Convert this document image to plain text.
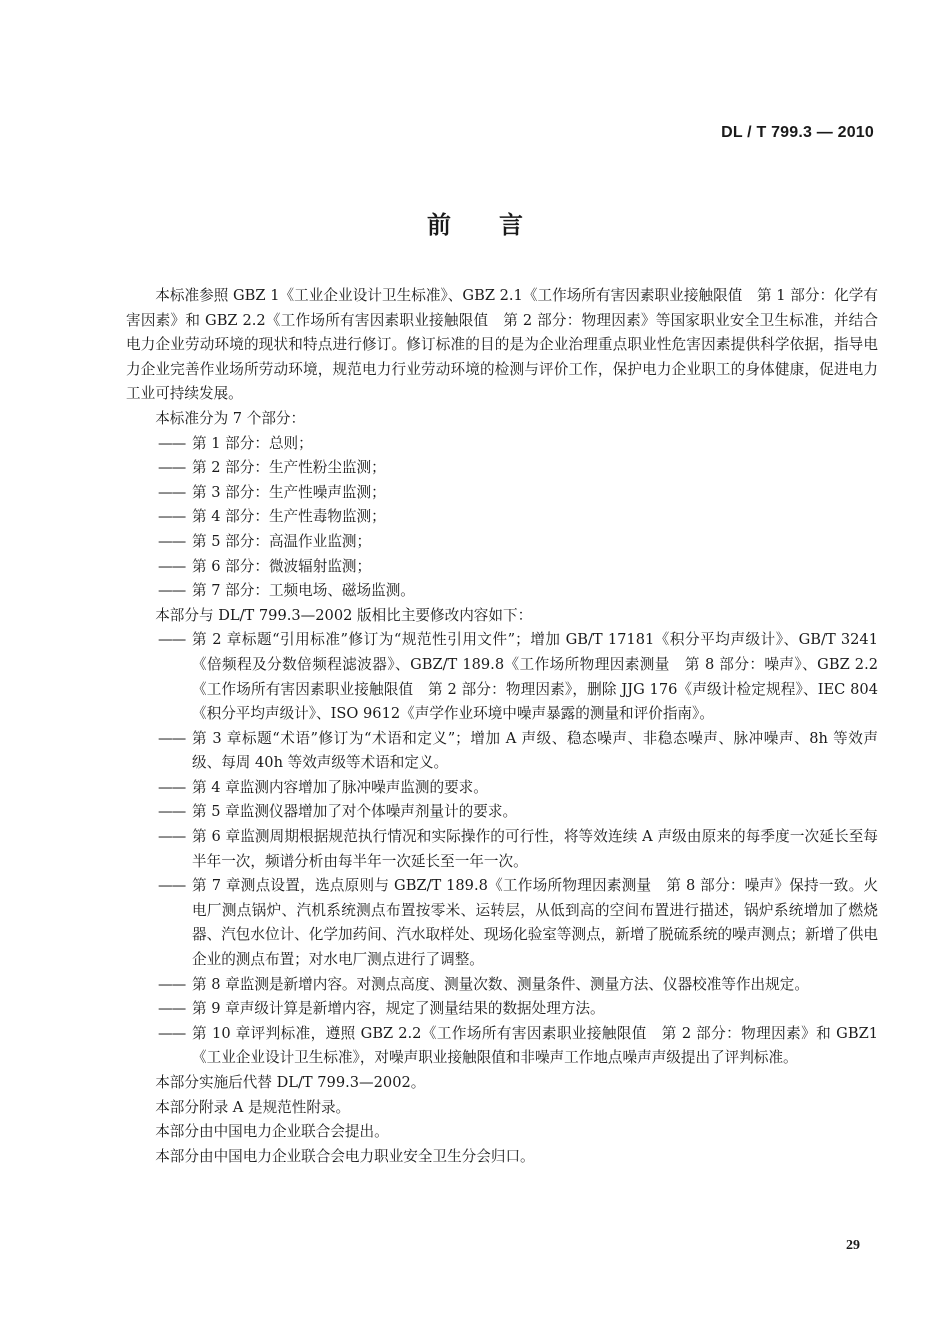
DL / T 799.3 — 2010
前言

本标准参照 GBZ 1《工业企业设计卫生标准》、GBZ 2.1《工作场所有害因素职业接触限值　第 1 部分：化学有害因素》和 GBZ 2.2《工作场所有害因素职业接触限值　第 2 部分：物理因素》等国家职业安全卫生标准，并结合电力企业劳动环境的现状和特点进行修订。修订标准的目的是为企业治理重点职业性危害因素提供科学依据，指导电力企业完善作业场所劳动环境，规范电力行业劳动环境的检测与评价工作，保护电力企业职工的身体健康，促进电力工业可持续发展。

本标准分为 7 个部分：

—— 第 1 部分：总则；

—— 第 2 部分：生产性粉尘监测；

—— 第 3 部分：生产性噪声监测；

—— 第 4 部分：生产性毒物监测；

—— 第 5 部分：高温作业监测；

—— 第 6 部分：微波辐射监测；

—— 第 7 部分：工频电场、磁场监测。

本部分与 DL/T 799.3—2002 版相比主要修改内容如下：

—— 第 2 章标题“引用标准”修订为“规范性引用文件”；增加 GB/T 17181《积分平均声级计》、GB/T 3241《倍频程及分数倍频程滤波器》、GBZ/T 189.8《工作场所物理因素测量　第 8 部分：噪声》、GBZ 2.2《工作场所有害因素职业接触限值　第 2 部分：物理因素》，删除 JJG 176《声级计检定规程》、IEC 804《积分平均声级计》、ISO 9612《声学作业环境中噪声暴露的测量和评价指南》。

—— 第 3 章标题“术语”修订为“术语和定义”；增加 A 声级、稳态噪声、非稳态噪声、脉冲噪声、8h 等效声级、每周 40h 等效声级等术语和定义。

—— 第 4 章监测内容增加了脉冲噪声监测的要求。

—— 第 5 章监测仪器增加了对个体噪声剂量计的要求。

—— 第 6 章监测周期根据规范执行情况和实际操作的可行性，将等效连续 A 声级由原来的每季度一次延长至每半年一次，频谱分析由每半年一次延长至一年一次。

—— 第 7 章测点设置，选点原则与 GBZ/T 189.8《工作场所物理因素测量　第 8 部分：噪声》保持一致。火电厂测点锅炉、汽机系统测点布置按零米、运转层，从低到高的空间布置进行描述，锅炉系统增加了燃烧器、汽包水位计、化学加药间、汽水取样处、现场化验室等测点，新增了脱硫系统的噪声测点；新增了供电企业的测点布置；对水电厂测点进行了调整。

—— 第 8 章监测是新增内容。对测点高度、测量次数、测量条件、测量方法、仪器校准等作出规定。

—— 第 9 章声级计算是新增内容，规定了测量结果的数据处理方法。

—— 第 10 章评判标准，遵照 GBZ 2.2《工作场所有害因素职业接触限值　第 2 部分：物理因素》和 GBZ1《工业企业设计卫生标准》，对噪声职业接触限值和非噪声工作地点噪声声级提出了评判标准。

本部分实施后代替 DL/T 799.3—2002。

本部分附录 A 是规范性附录。

本部分由中国电力企业联合会提出。

本部分由中国电力企业联合会电力职业安全卫生分会归口。

29
